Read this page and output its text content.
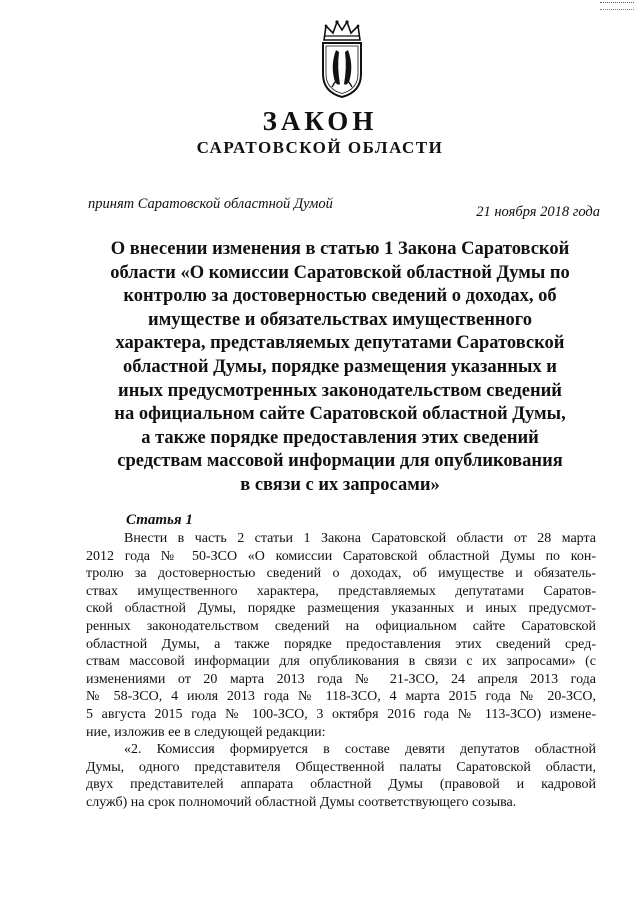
ЗАКОН
САРАТОВСКОЙ ОБЛАСТИ
принят Саратовской областной Думой	21 ноября 2018 года
О внесении изменения в статью 1 Закона Саратовской
области «О комиссии Саратовской областной Думы по
контролю за достоверностью сведений о доходах, об
имуществе и обязательствах имущественного
характера, представляемых депутатами Саратовской
областной Думы, порядке размещения указанных и
иных предусмотренных законодательством сведений
на официальном сайте Саратовской областной Думы,
а также порядке предоставления этих сведений
средствам массовой информации для опубликования
в связи с их запросами»
Статья 1
Внести в часть 2 статьи 1 Закона Саратовской области от 28 марта
2012 года № 50-ЗСО «О комиссии Саратовской областной Думы по кон-
тролю за достоверностью сведений о доходах, об имуществе и обязатель-
ствах имущественного характера, представляемых депутатами Саратов-
ской областной Думы, порядке размещения указанных и иных предусмот-
ренных законодательством сведений на официальном сайте Саратовской
областной Думы, а также порядке предоставления этих сведений сред-
ствам массовой информации для опубликования в связи с их запросами» (с
изменениями от 20 марта 2013 года № 21-ЗСО, 24 апреля 2013 года
№ 58-ЗСО, 4 июля 2013 года № 118-ЗСО, 4 марта 2015 года № 20-ЗСО,
5 августа 2015 года № 100-ЗСО, 3 октября 2016 года № 113-ЗСО) измене-
ние, изложив ее в следующей редакции:
«2. Комиссия формируется в составе девяти депутатов областной
Думы, одного представителя Общественной палаты Саратовской области,
двух представителей аппарата областной Думы (правовой и кадровой
служб) на срок полномочий областной Думы соответствующего созыва.
